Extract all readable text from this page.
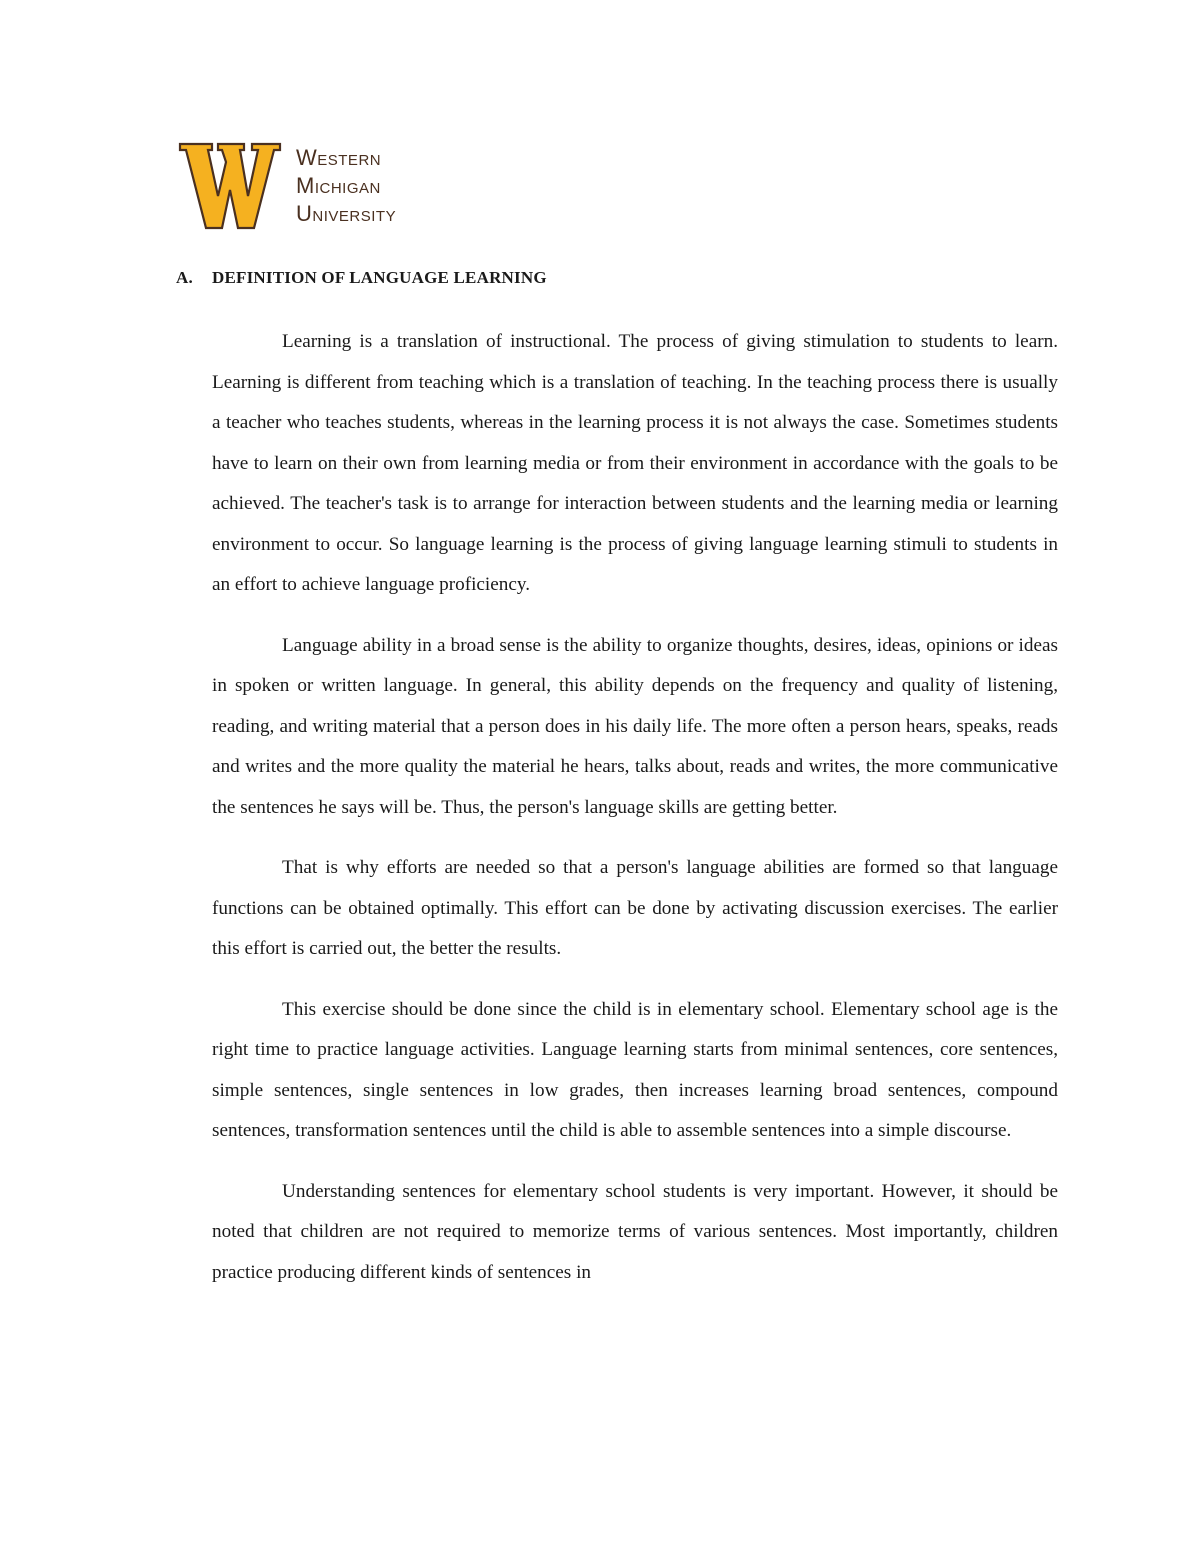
Western
Michigan
University
A. DEFINITION OF LANGUAGE LEARNING

Learning is a translation of instructional. The process of giving stimulation to students to learn. Learning is different from teaching which is a translation of teaching. In the teaching process there is usually a teacher who teaches students, whereas in the learning process it is not always the case. Sometimes students have to learn on their own from learning media or from their environment in accordance with the goals to be achieved. The teacher's task is to arrange for interaction between students and the learning media or learning environment to occur. So language learning is the process of giving language learning stimuli to students in an effort to achieve language proficiency.

Language ability in a broad sense is the ability to organize thoughts, desires, ideas, opinions or ideas in spoken or written language. In general, this ability depends on the frequency and quality of listening, reading, and writing material that a person does in his daily life. The more often a person hears, speaks, reads and writes and the more quality the material he hears, talks about, reads and writes, the more communicative the sentences he says will be. Thus, the person's language skills are getting better.

That is why efforts are needed so that a person's language abilities are formed so that language functions can be obtained optimally. This effort can be done by activating discussion exercises. The earlier this effort is carried out, the better the results.

This exercise should be done since the child is in elementary school. Elementary school age is the right time to practice language activities. Language learning starts from minimal sentences, core sentences, simple sentences, single sentences in low grades, then increases learning broad sentences, compound sentences, transformation sentences until the child is able to assemble sentences into a simple discourse.

Understanding sentences for elementary school students is very important. However, it should be noted that children are not required to memorize terms of various sentences. Most importantly, children practice producing different kinds of sentences in
